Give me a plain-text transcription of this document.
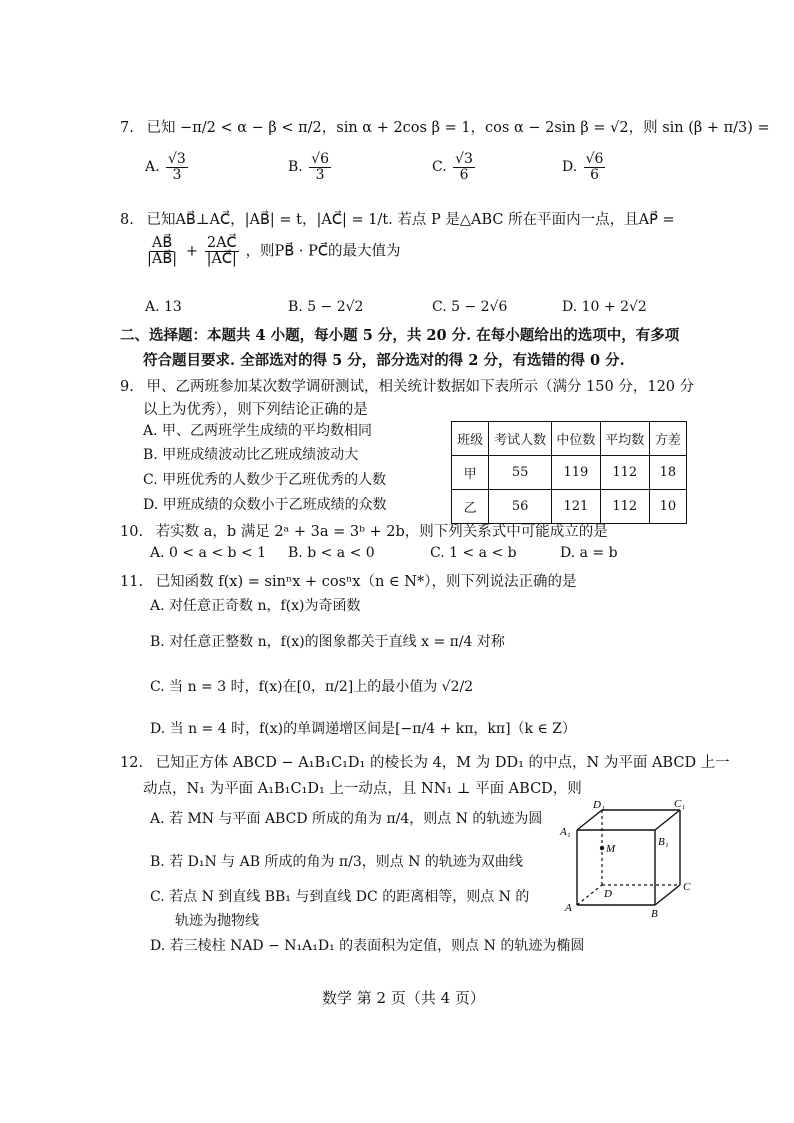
7. 已知 −π/2 < α − β < π/2，sin α + 2cos β = 1，cos α − 2sin β = √2，则 sin (β + π/3) =
A. $\frac{√3}{3}$	B. $\frac{√6}{3}$	C. $\frac{√3}{6}$	D. $\frac{√6}{6}$
8. 已知AB⃗⊥AC⃗，|AB⃗| = t，|AC⃗| = 1/t. 若点 P 是△ABC 所在平面内一点，且AP⃗ =
$\frac{AB⃗}{|AB⃗|} + \frac{2AC⃗}{|AC⃗|}$ ，则PB⃗ · PC⃗的最大值为
A. 13	B. 5 − 2√2	C. 5 − 2√6	D. 10 + 2√2
二、选择题：本题共 4 小题，每小题 5 分，共 20 分. 在每小题给出的选项中，有多项
符合题目要求. 全部选对的得 5 分，部分选对的得 2 分，有选错的得 0 分.
9. 甲、乙两班参加某次数学调研测试，相关统计数据如下表所示（满分 150 分，120 分
以上为优秀），则下列结论正确的是
A. 甲、乙两班学生成绩的平均数相同
B. 甲班成绩波动比乙班成绩波动大
C. 甲班优秀的人数少于乙班优秀的人数
D. 甲班成绩的众数小于乙班成绩的众数
班级	考试人数	中位数	平均数	方差
甲	55	119	112	18
乙	56	121	112	10
10. 若实数 a，b 满足 2ᵃ + 3a = 3ᵇ + 2b，则下列关系式中可能成立的是
A. 0 < a < b < 1 B. b < a < 0	C. 1 < a < b	D. a = b
11. 已知函数 f(x) = sinⁿx + cosⁿx（n ∈ N*），则下列说法正确的是
A. 对任意正奇数 n，f(x)为奇函数
B. 对任意正整数 n，f(x)的图象都关于直线 x = π/4 对称
C. 当 n = 3 时，f(x)在[0，π/2]上的最小值为 √2/2
D. 当 n = 4 时，f(x)的单调递增区间是[−π/4 + kπ，kπ]（k ∈ Z）
12. 已知正方体 ABCD − A₁B₁C₁D₁ 的棱长为 4，M 为 DD₁ 的中点，N 为平面 ABCD 上一
动点，N₁ 为平面 A₁B₁C₁D₁ 上一动点，且 NN₁ ⊥ 平面 ABCD，则
A. 若 MN 与平面 ABCD 所成的角为 π/4，则点 N 的轨迹为圆
B. 若 D₁N 与 AB 所成的角为 π/3，则点 N 的轨迹为双曲线
C. 若点 N 到直线 BB₁ 与到直线 DC 的距离相等，则点 N 的
轨迹为抛物线
D. 若三棱柱 NAD − N₁A₁D₁ 的表面积为定值，则点 N 的轨迹为椭圆
D₁	C₁
A₁
B₁
M
D
C
A	B
数学 第 2 页（共 4 页）
